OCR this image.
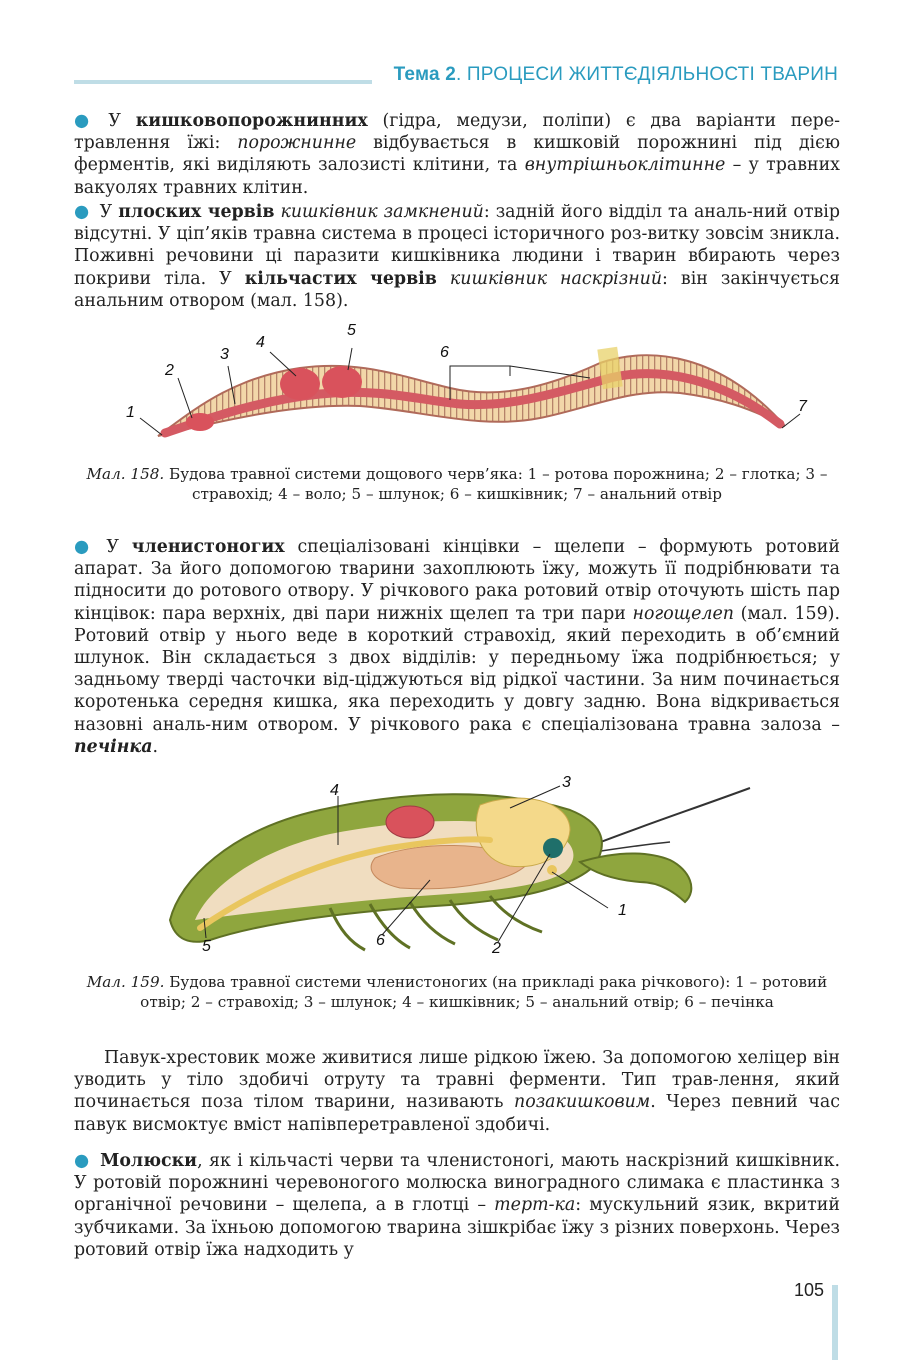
Тема 2. ПРОЦЕСИ ЖИТТЄДІЯЛЬНОСТІ ТВАРИН

● У кишковопорожнинних (гідра, медузи, поліпи) є два варіанти пере-травлення їжі: порожнинне відбувається в кишковій порожнині під дією ферментів, які виділяють залозисті клітини, та внутрішньоклітинне – у травних вакуолях травних клітин.

● У плоских червів кишківник замкнений: задній його відділ та аналь-ний отвір відсутні. У ціп’яків травна система в процесі історичного роз-витку зовсім зникла. Поживні речовини ці паразити кишківника людини і тварин вбирають через покриви тіла. У кільчастих червів кишківник наскрізний: він закінчується анальним отвором (мал. 158).

1
2
3
4
5
6
7
Мал. 158. Будова травної системи дощового черв’яка: 1 – ротова порожнина; 2 – глотка; 3 – стравохід; 4 – воло; 5 – шлунок; 6 – кишківник; 7 – анальний отвір

● У членистоногих спеціалізовані кінцівки – щелепи – формують ротовий апарат. За його допомогою тварини захоплюють їжу, можуть її подрібнювати та підносити до ротового отвору. У річкового рака ротовий отвір оточують шість пар кінцівок: пара верхніх, дві пари нижніх щелеп та три пари ногощелеп (мал. 159). Ротовий отвір у нього веде в короткий стравохід, який переходить в об’ємний шлунок. Він складається з двох відділів: у передньому їжа подрібнюється; у задньому тверді часточки від-ціджуються від рідкої частини. За ним починається коротенька середня кишка, яка переходить у довгу задню. Вона відкривається назовні аналь-ним отвором. У річкового рака є спеціалізована травна залоза – печінка.

4	3
1
2
5	6
Мал. 159. Будова травної системи членистоногих (на прикладі рака річкового): 1 – ротовий отвір; 2 – стравохід; 3 – шлунок; 4 – кишківник; 5 – анальний отвір; 6 – печінка

Павук-хрестовик може живитися лише рідкою їжею. За допомогою хеліцер він уводить у тіло здобичі отруту та травні ферменти. Тип трав-лення, який починається поза тілом тварини, називають позакишковим. Через певний час павук висмоктує вміст напівперетравленої здобичі.

● Молюски, як і кільчасті черви та членистоногі, мають наскрізний кишківник. У ротовій порожнині черевоногого молюска виноградного слимака є пластинка з органічної речовини – щелепа, а в глотці – терт-ка: мускульний язик, вкритий зубчиками. За їхньою допомогою тварина зішкрібає їжу з різних поверхонь. Через ротовий отвір їжа надходить у

105
